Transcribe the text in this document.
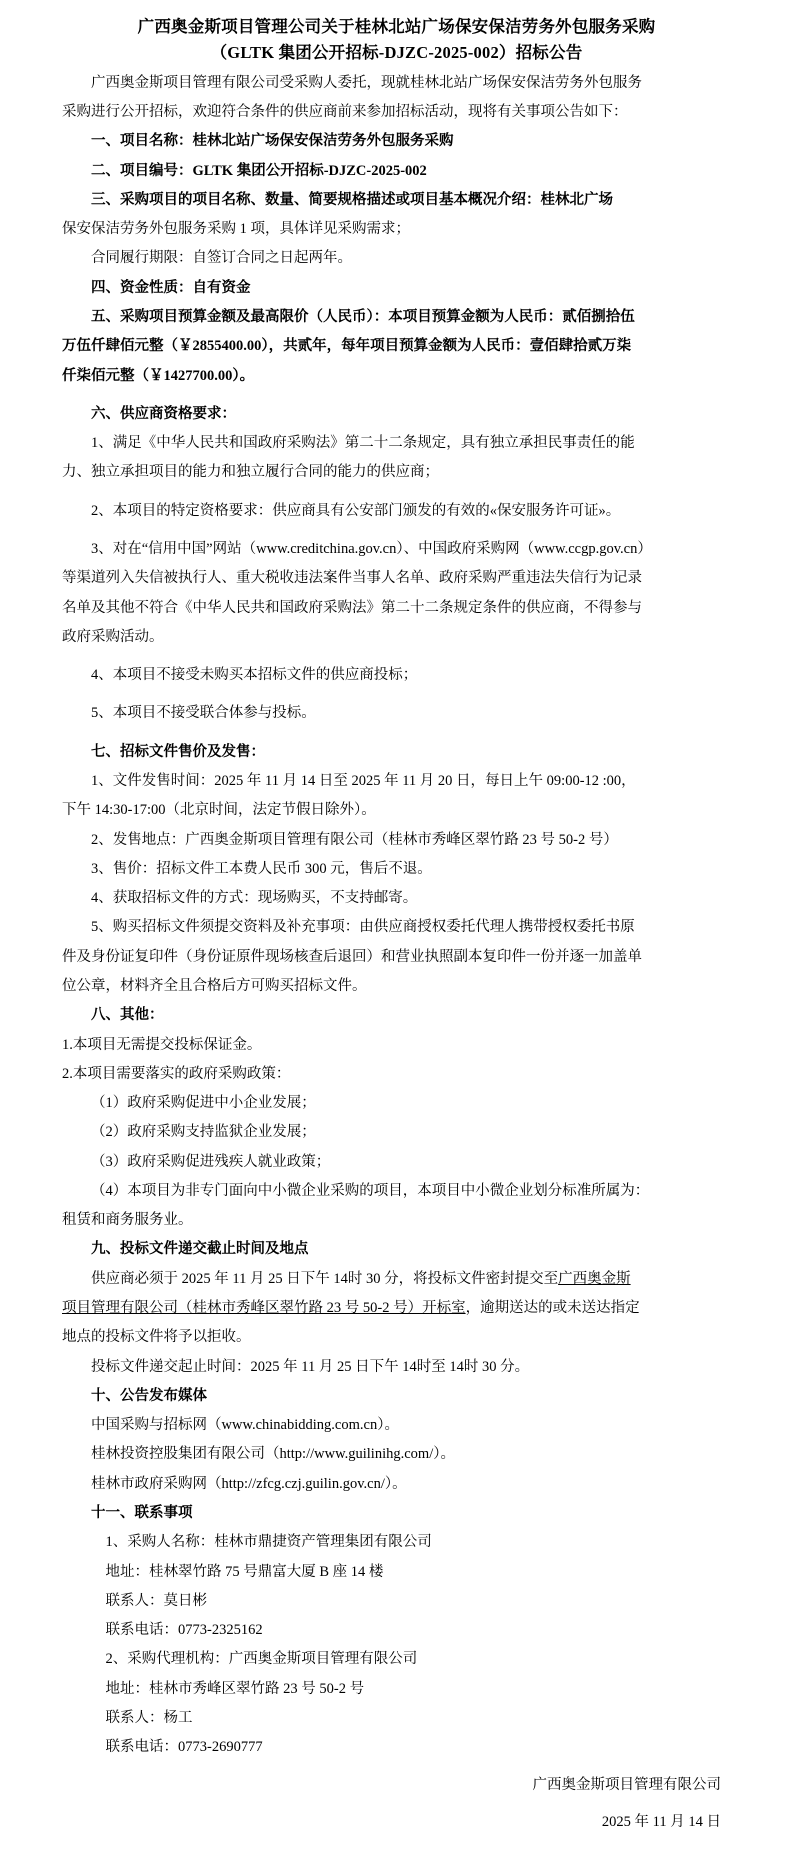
广西奥金斯项目管理公司关于桂林北站广场保安保洁劳务外包服务采购
（GLTK 集团公开招标-DJZC-2025-002）招标公告

广西奥金斯项目管理有限公司受采购人委托，现就桂林北站广场保安保洁劳务外包服务

采购进行公开招标，欢迎符合条件的供应商前来参加招标活动，现将有关事项公告如下：

一、项目名称：桂林北站广场保安保洁劳务外包服务采购

二、项目编号：GLTK 集团公开招标-DJZC-2025-002

三、采购项目的项目名称、数量、简要规格描述或项目基本概况介绍：桂林北广场

保安保洁劳务外包服务采购 1 项，具体详见采购需求；

合同履行期限：自签订合同之日起两年。

四、资金性质：自有资金

五、采购项目预算金额及最高限价（人民币）：本项目预算金额为人民币：贰佰捌拾伍

万伍仟肆佰元整（￥2855400.00），共贰年，每年项目预算金额为人民币：壹佰肆拾贰万柒

仟柒佰元整（￥1427700.00）。

六、供应商资格要求：

1、满足《中华人民共和国政府采购法》第二十二条规定，具有独立承担民事责任的能

力、独立承担项目的能力和独立履行合同的能力的供应商；

2、本项目的特定资格要求：供应商具有公安部门颁发的有效的«保安服务许可证»。

3、对在“信用中国”网站（www.creditchina.gov.cn）、中国政府采购网（www.ccgp.gov.cn）

等渠道列入失信被执行人、重大税收违法案件当事人名单、政府采购严重违法失信行为记录

名单及其他不符合《中华人民共和国政府采购法》第二十二条规定条件的供应商，不得参与

政府采购活动。

4、本项目不接受未购买本招标文件的供应商投标；

5、本项目不接受联合体参与投标。

七、招标文件售价及发售：

1、文件发售时间：2025 年 11 月 14 日至 2025 年 11 月 20 日，每日上午 09:00-12 :00，

下午 14:30-17:00（北京时间，法定节假日除外）。

2、发售地点：广西奥金斯项目管理有限公司（桂林市秀峰区翠竹路 23 号 50-2 号）

3、售价：招标文件工本费人民币 300 元，售后不退。

4、获取招标文件的方式：现场购买，不支持邮寄。

5、购买招标文件须提交资料及补充事项：由供应商授权委托代理人携带授权委托书原

件及身份证复印件（身份证原件现场核查后退回）和营业执照副本复印件一份并逐一加盖单

位公章，材料齐全且合格后方可购买招标文件。

八、其他：

1.本项目无需提交投标保证金。

2.本项目需要落实的政府采购政策：

（1）政府采购促进中小企业发展；

（2）政府采购支持监狱企业发展；

（3）政府采购促进残疾人就业政策；

（4）本项目为非专门面向中小微企业采购的项目，本项目中小微企业划分标准所属为：

租赁和商务服务业。

九、投标文件递交截止时间及地点

供应商必须于 2025 年 11 月 25 日下午 14时 30 分，将投标文件密封提交至广西奥金斯

项目管理有限公司（桂林市秀峰区翠竹路 23 号 50-2 号）开标室，逾期送达的或未送达指定

地点的投标文件将予以拒收。

投标文件递交起止时间：2025 年 11 月 25 日下午 14时至 14时 30 分。

十、公告发布媒体

中国采购与招标网（www.chinabidding.com.cn）。

桂林投资控股集团有限公司（http://www.guilinihg.com/）。

桂林市政府采购网（http://zfcg.czj.guilin.gov.cn/）。

十一、联系事项

1、采购人名称：桂林市鼎捷资产管理集团有限公司

地址：桂林翠竹路 75 号鼎富大厦 B 座 14 楼

联系人：莫日彬

联系电话：0773-2325162

2、采购代理机构：广西奥金斯项目管理有限公司

地址：桂林市秀峰区翠竹路 23 号 50-2 号

联系人：杨工

联系电话：0773-2690777

广西奥金斯项目管理有限公司
2025 年 11 月 14 日
